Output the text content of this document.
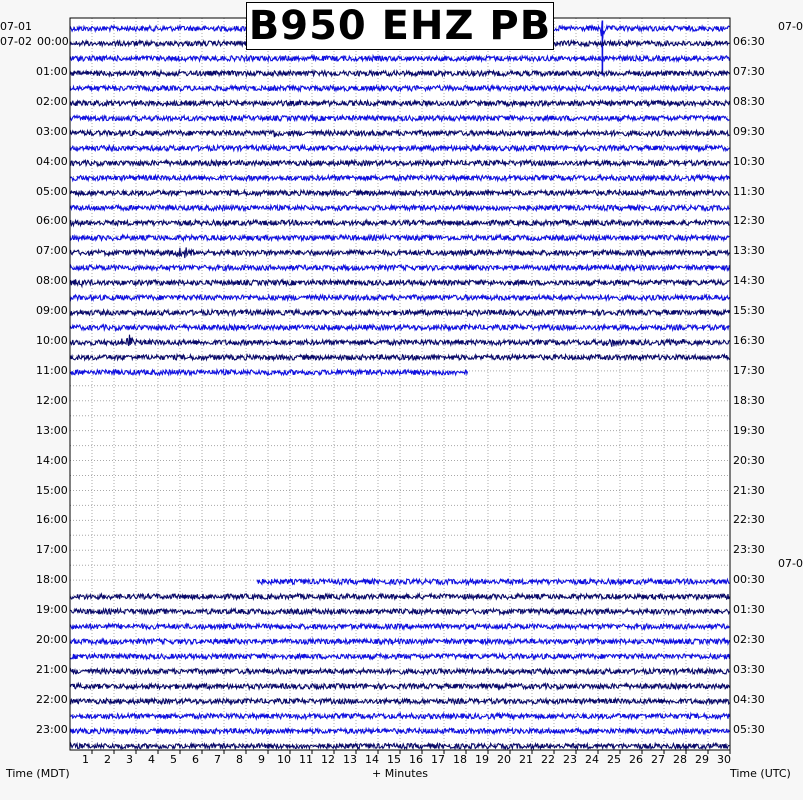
07-01
07-02
07-0
07-0
00:00
01:00
02:00
03:00
04:00
05:00
06:00
07:00
08:00
09:00
10:00
11:00
12:00
13:00
14:00
15:00
16:00
17:00
18:00
19:00
20:00
21:00
22:00
23:00
06:30
07:30
08:30
09:30
10:30
11:30
12:30
13:30
14:30
15:30
16:30
17:30
18:30
19:30
20:30
21:30
22:30
23:30
00:30
01:30
02:30
03:30
04:30
05:30
1 2 3 4 5 6 7 8 9 10 11 12 13 14 15 16 17 18 19 20 21 22 23 24 25 26 27 28 29 30
Time (MDT)	+ Minutes	Time (UTC)
B950 EHZ PB
